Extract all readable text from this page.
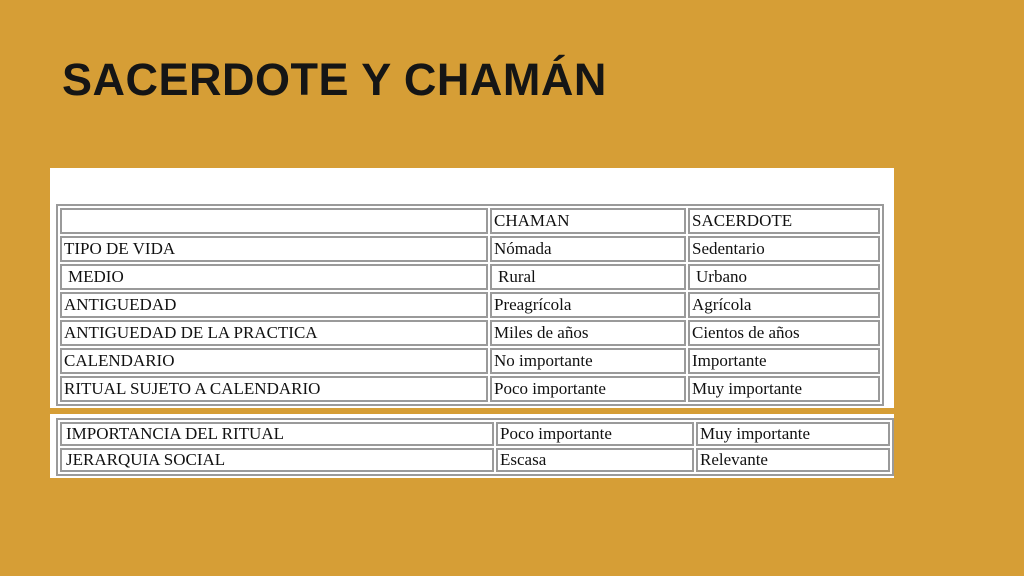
SACERDOTE Y CHAMÁN
	CHAMAN	SACERDOTE
TIPO DE VIDA	Nómada	Sedentario
MEDIO	Rural	Urbano
ANTIGUEDAD	Preagrícola	Agrícola
ANTIGUEDAD DE LA PRACTICA	Miles de años	Cientos de años
CALENDARIO	No importante	Importante
RITUAL SUJETO A CALENDARIO	Poco importante	Muy importante
IMPORTANCIA DEL RITUAL	Poco importante	Muy importante
JERARQUIA SOCIAL	Escasa	Relevante
